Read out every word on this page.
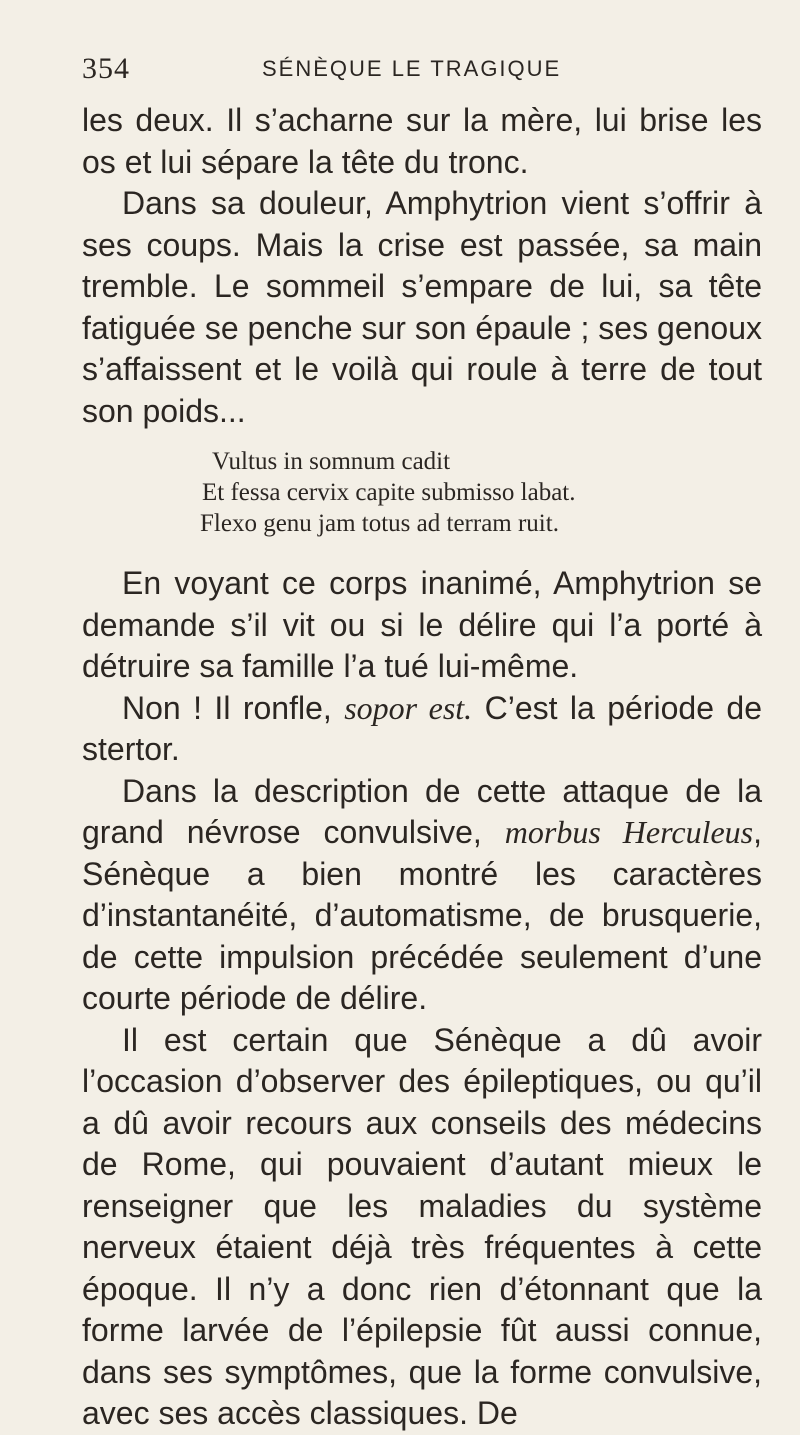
354	SÉNÈQUE LE TRAGIQUE

les deux. Il s’acharne sur la mère, lui brise les os et lui sépare la tête du tronc.

Dans sa douleur, Amphytrion vient s’offrir à ses coups. Mais la crise est passée, sa main tremble. Le sommeil s’empare de lui, sa tête fatiguée se penche sur son épaule ; ses genoux s’affaissent et le voilà qui roule à terre de tout son poids...

Vultus in somnum cadit
Et fessa cervix capite submisso labat.
Flexo genu jam totus ad terram ruit.

En voyant ce corps inanimé, Amphytrion se demande s’il vit ou si le délire qui l’a porté à détruire sa famille l’a tué lui-même.

Non ! Il ronfle, sopor est. C’est la période de stertor.

Dans la description de cette attaque de la grand névrose convulsive, morbus Herculeus, Sénèque a bien montré les caractères d’instantanéité, d’automatisme, de brusquerie, de cette impulsion précédée seulement d’une courte période de délire.

Il est certain que Sénèque a dû avoir l’occasion d’observer des épileptiques, ou qu’il a dû avoir recours aux conseils des médecins de Rome, qui pouvaient d’autant mieux le renseigner que les maladies du système nerveux étaient déjà très fréquentes à cette époque. Il n’y a donc rien d’étonnant que la forme larvée de l’épilepsie fût aussi connue, dans ses symptômes, que la forme convulsive, avec ses accès classiques. De
